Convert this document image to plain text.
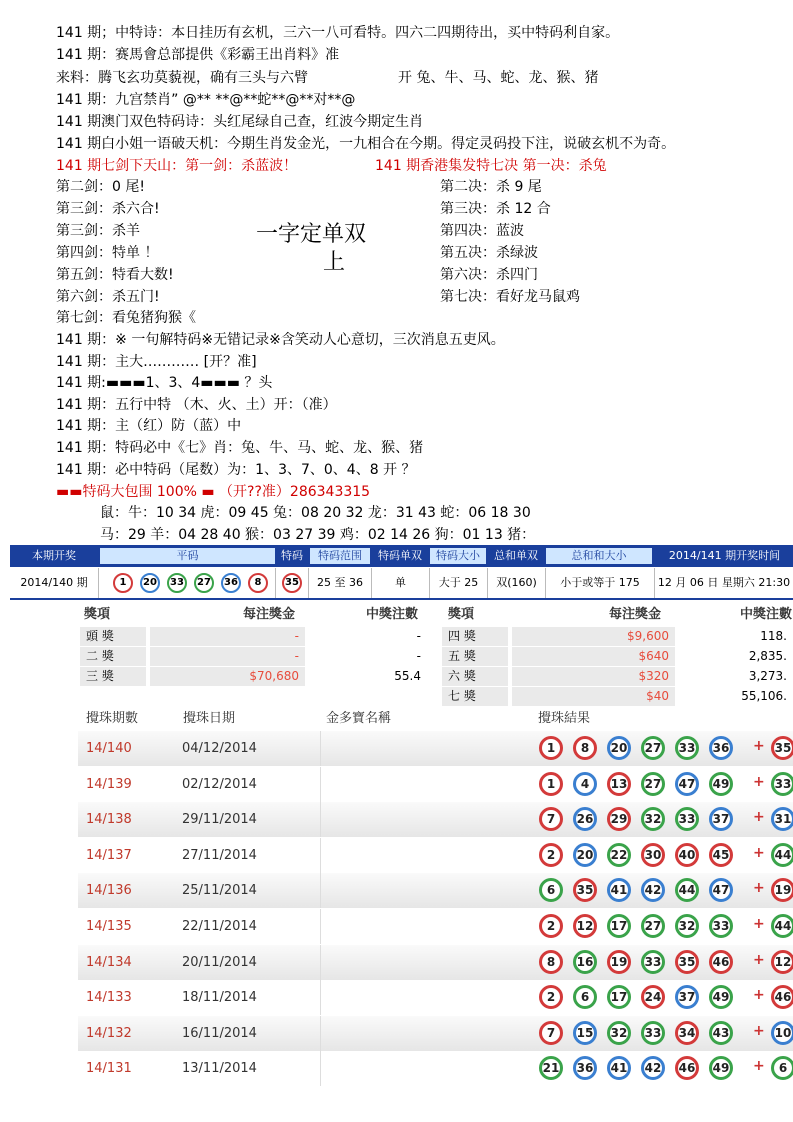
141 期；中特诗：本日挂历有玄机，三六一八可看特。四六二四期待出，买中特码利自家。
141 期：赛馬會总部提供《彩霸王出肖料》准
来料：腾飞玄功莫藐视，确有三头与六臂	开 兔、牛、马、蛇、龙、猴、猪
141 期：九宫禁肖” @** **@**蛇**@**对**@
141 期澳门双色特码诗：头红尾绿自己查，红波今期定生肖
141 期白小姐一语破天机：今期生肖发金光，一九相合在今期。得定灵码投下注，说破玄机不为奇。
141 期七剑下天山：第一剑：杀蓝波！	141 期香港集发特七决 第一决：杀兔
第二剑：0 尾!
第三剑：杀六合!
第三剑：杀羊
第四剑：特单 ！
第五剑：特看大数!
第六剑：杀五门!
第七剑：看兔猪狗猴《
第二决：杀 9 尾
第三决：杀 12 合
第四决：蓝波
第五决：杀绿波
第六决：杀四门
第七决：看好龙马鼠鸡
一字定单双
上
141 期：※ 一句解特码※无错记录※含笑动人心意切，三次消息五吏风。
141 期：主大………… [开？准]
141 期:▬▬▬1、3、4▬▬▬ ？头
141 期：五行中特 （木、火、土）开：（准）
141 期：主（红）防（蓝）中
141 期：特码必中《七》肖：兔、牛、马、蛇、龙、猴、猪
141 期：必中特码（尾数）为：1、3、7、0、4、8 开 ？
▬▬特码大包围 100% ▬ （开??准）286343315
鼠：牛：10 34 虎：09 45 兔：08 20 32 龙：31 43 蛇：06 18 30
马：29 羊：04 28 40 猴：03 27 39 鸡：02 14 26 狗：01 13 猪：
本期开奖	平码	特码	特码范围	特码单双	特码大小	总和单双	总和和大小	2014/141 期开奖时间
2014/140 期	1	20	33	27	36	8	35	25 至 36	单	大于 25	双(160)	小于或等于 175	12 月 06 日 星期六 21:30
獎項	每注獎金	中獎注數 獎項	每注獎金	中獎注數
頭 獎	-	-
二 獎	-	-
三 獎	$70,680	55.4
四 獎	$9,600	118.
五 獎	$640	2,835.
六 獎	$320	3,273.
七 獎	$40	55,106.
攪珠期數	攪珠日期	金多寶名稱	攪珠結果
14/140	04/12/2014	1	8	20	27	33	36 + 35
14/139	02/12/2014	1	4	13	27	47	49 + 33
14/138	29/11/2014	7	26	29	32	33	37 + 31
14/137	27/11/2014	2	20	22	30	40	45 + 44
14/136	25/11/2014	6	35	41	42	44	47 + 19
14/135	22/11/2014	2	12	17	27	32	33 + 44
14/134	20/11/2014	8	16	19	33	35	46 + 12
14/133	18/11/2014	2	6	17	24	37	49 + 46
14/132	16/11/2014	7	15	32	33	34	43 + 10
14/131	13/11/2014	21	36	41	42	46	49 +	6
